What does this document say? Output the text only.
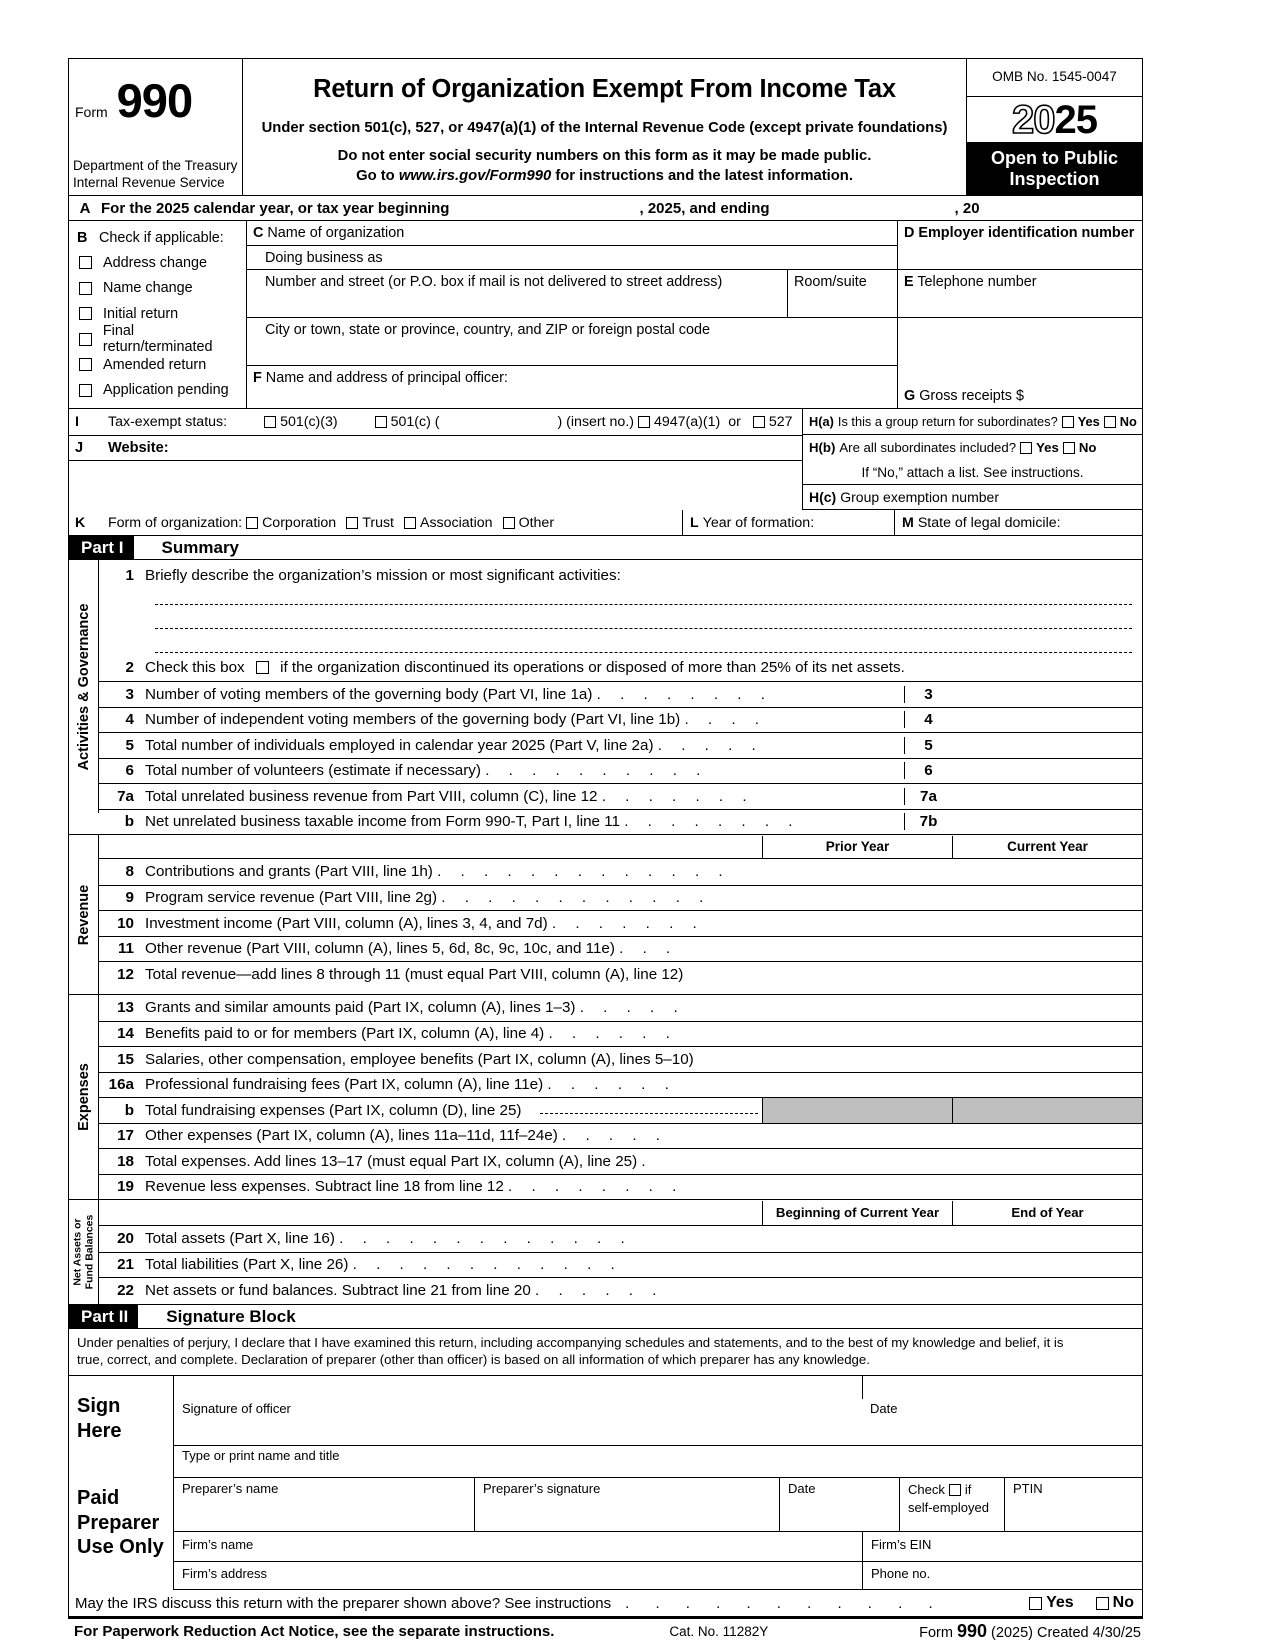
Form 990
Department of the Treasury
Internal Revenue Service
Return of Organization Exempt From Income Tax
Under section 501(c), 527, or 4947(a)(1) of the Internal Revenue Code (except private foundations)
Do not enter social security numbers on this form as it may be made public.
Go to www.irs.gov/Form990 for instructions and the latest information.
OMB No. 1545-0047
20 25
Open to Public
Inspection
A For the 2025 calendar year, or tax year beginning	, 2025, and ending	, 20
B Check if applicable:
Address change
Name change
Initial return
Final return/terminated
Amended return
Application pending
C Name of organization
Doing business as
Number and street (or P.O. box if mail is not delivered to street address)	Room/suite
City or town, state or province, country, and ZIP or foreign postal code
F Name and address of principal officer:
D Employer identification number
E Telephone number
G Gross receipts $
I	Tax-exempt status:	501(c)(3)	501(c) (	) (insert no.) 4947(a)(1) or 527
J	Website:
H(a) Is this a group return for subordinates? Yes No
H(b) Are all subordinates included? Yes No
If “No,” attach a list. See instructions.
H(c) Group exemption number
K	Form of organization: Corporation Trust Association Other	L Year of formation:	M State of legal domicile:
Part I	Summary
Activities & Governance
1 Briefly describe the organization’s mission or most significant activities:
2 Check this box if the organization discontinued its operations or disposed of more than 25% of its net assets.
3 Number of voting members of the governing body (Part VI, line 1a) . . . . . . . .	3
4 Number of independent voting members of the governing body (Part VI, line 1b) . . . .	4
5 Total number of individuals employed in calendar year 2025 (Part V, line 2a) . . . . .	5
6 Total number of volunteers (estimate if necessary) . . . . . . . . . .	6
7a Total unrelated business revenue from Part VIII, column (C), line 12 . . . . . . .	7a
b Net unrelated business taxable income from Form 990-T, Part I, line 11 . . . . . . . .	7b
Revenue
Prior Year	Current Year
8 Contributions and grants (Part VIII, line 1h) . . . . . . . . . . . . .
9 Program service revenue (Part VIII, line 2g) . . . . . . . . . . . .
10 Investment income (Part VIII, column (A), lines 3, 4, and 7d) . . . . . . .
11 Other revenue (Part VIII, column (A), lines 5, 6d, 8c, 9c, 10c, and 11e) . . .
12 Total revenue—add lines 8 through 11 (must equal Part VIII, column (A), line 12)
Expenses
13 Grants and similar amounts paid (Part IX, column (A), lines 1–3) . . . . .
14 Benefits paid to or for members (Part IX, column (A), line 4) . . . . . .
15 Salaries, other compensation, employee benefits (Part IX, column (A), lines 5–10)
16a Professional fundraising fees (Part IX, column (A), line 11e) . . . . . .
b Total fundraising expenses (Part IX, column (D), line 25)
17 Other expenses (Part IX, column (A), lines 11a–11d, 11f–24e) . . . . .
18 Total expenses. Add lines 13–17 (must equal Part IX, column (A), line 25) .
19 Revenue less expenses. Subtract line 18 from line 12 . . . . . . . .
Net Assets or
Fund Balances
Beginning of Current Year	End of Year
20 Total assets (Part X, line 16) . . . . . . . . . . . . .
21 Total liabilities (Part X, line 26) . . . . . . . . . . . .
22 Net assets or fund balances. Subtract line 21 from line 20 . . . . . .
Part II	Signature Block
Under penalties of perjury, I declare that I have examined this return, including accompanying schedules and statements, and to the best of my knowledge and belief, it is
true, correct, and complete. Declaration of preparer (other than officer) is based on all information of which preparer has any knowledge.
Sign
Here
Signature of officer	Date
Type or print name and title
Paid
Preparer
Use Only
Preparer’s name	Preparer’s signature	Date	Check if
self-employed
PTIN
Firm’s name	Firm’s EIN
Firm’s address	Phone no.
May the IRS discuss this return with the preparer shown above? See instructions . . . . . . . . . . .	Yes No
For Paperwork Reduction Act Notice, see the separate instructions.	Cat. No. 11282Y	Form 990 (2025) Created 4/30/25
